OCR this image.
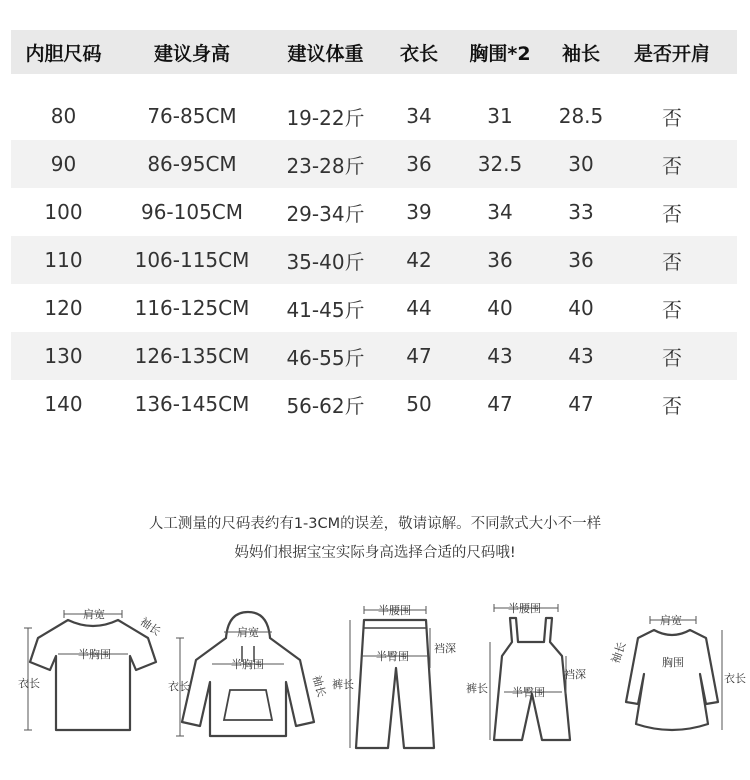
内胆尺码	建议身高	建议体重	衣长	胸围*2	袖长	是否开肩
80	76-85CM	19-22斤	34	31	28.5	否
90	86-95CM	23-28斤	36	32.5	30	否
100	96-105CM	29-34斤	39	34	33	否
110	106-115CM	35-40斤	42	36	36	否
120	116-125CM	41-45斤	44	40	40	否
130	126-135CM	46-55斤	47	43	43	否
140	136-145CM	56-62斤	50	47	47	否
人工测量的尺码表约有1-3CM的误差，敬请谅解。不同款式大小不一样
妈妈们根据宝宝实际身高选择合适的尺码哦!
肩宽
半胸围
衣长
袖长	肩宽
半胸围
衣长	袖长
半腰围
半臀围
裆深
裤长
半腰围
半臀围
裆深
裤长
肩宽
胸围
衣长
袖长
